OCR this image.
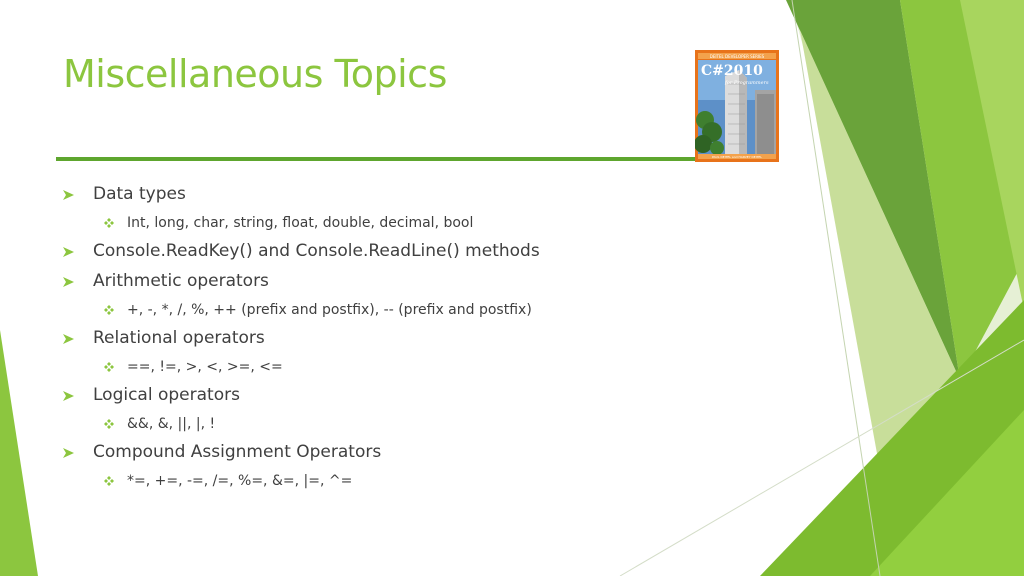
Miscellaneous Topics	DEITEL DEVELOPER SERIES
C#2010
for Programmers
PAUL DEITEL and HARVEY DEITEL
Data types
Int, long, char, string, float, double, decimal, bool
Console.ReadKey() and Console.ReadLine() methods
Arithmetic operators
+, -, *, /, %, ++ (prefix and postfix), -- (prefix and postfix)
Relational operators
==, !=, >, <, >=, <=
Logical operators
&&, &, ||, |, !
Compound Assignment Operators
*=, +=, -=, /=, %=, &=, |=, ^=
